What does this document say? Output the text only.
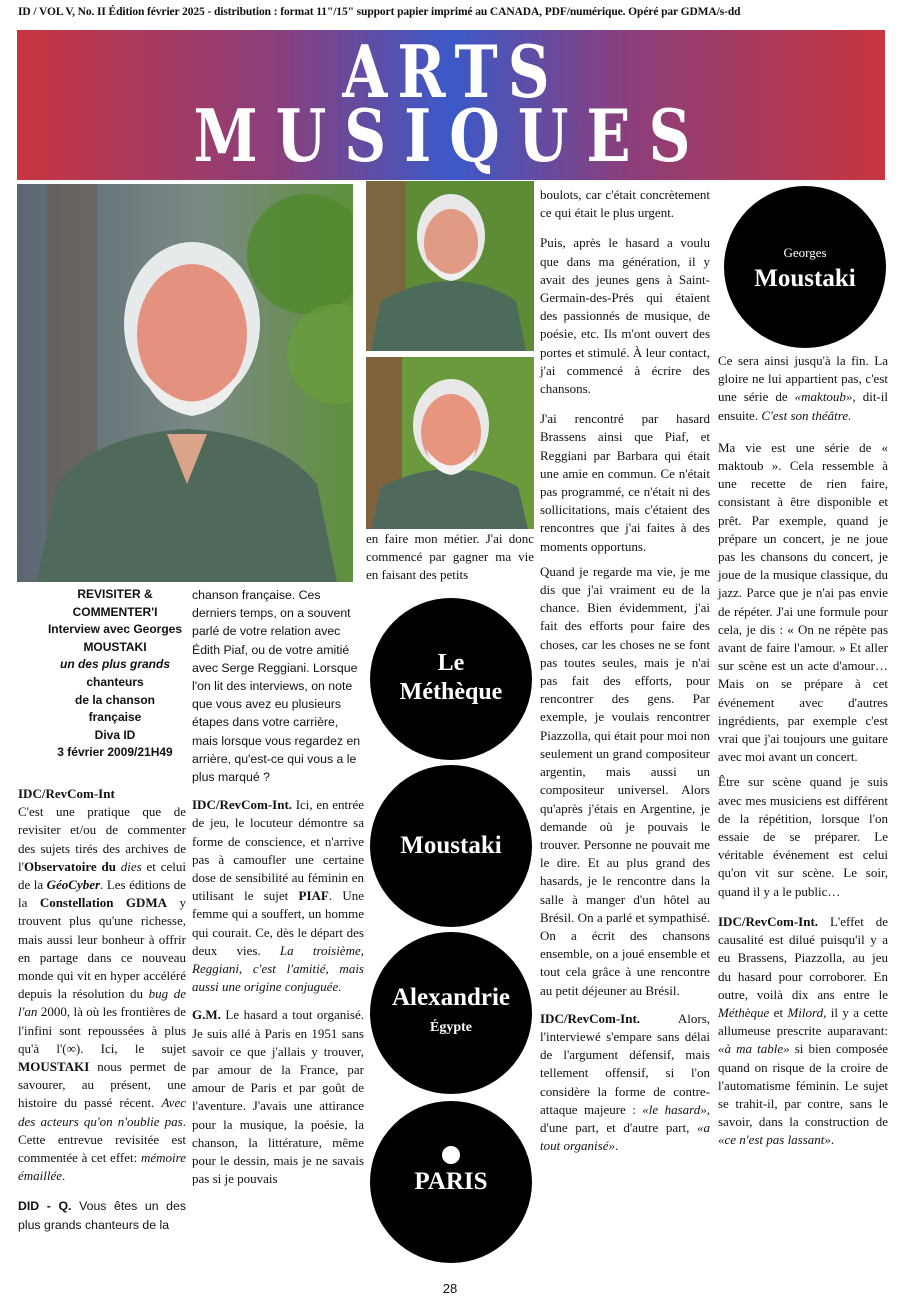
ID / VOL V, No. II Édition février 2025 - distribution : format 11"/15" support papier imprimé au CANADA, PDF/numérique. Opéré par GDMA/s-dd
ARTS
MUSIQUES
REVISITER &
COMMENTER'I
Interview avec Georges
MOUSTAKI
un des plus grands
chanteurs
de la chanson
française
Diva ID
3 février 2009/21H49

IDC/RevCom-Int
C'est une pratique que de revisiter et/ou de commenter des sujets tirés des archives de l'Observatoire du dies et celui de la GéoCyber. Les éditions de la Constellation GDMA y trouvent plus qu'une richesse, mais aussi leur bonheur à offrir en partage dans ce nouveau monde qui vit en hyper accéléré depuis la résolution du bug de l'an 2000, là où les frontières de l'infini sont repoussées à plus qu'à l'(∞). Ici, le sujet MOUSTAKI nous permet de savourer, au présent, une histoire du passé récent. Avec des acteurs qu'on n'oublie pas. Cette entrevue revisitée est commentée à cet effet: mémoire émaillée.

DID - Q. Vous êtes un des plus grands chanteurs de la

chanson française. Ces derniers temps, on a souvent parlé de votre relation avec Édith Piaf, ou de votre amitié avec Serge Reggiani. Lorsque l'on lit des interviews, on note que vous avez eu plusieurs étapes dans votre carrière, mais lorsque vous regardez en arrière, qu'est-ce qui vous a le plus marqué ?

IDC/RevCom-Int. Ici, en entrée de jeu, le locuteur démontre sa forme de conscience, et n'arrive pas à camoufler une certaine dose de sensibilité au féminin en utilisant le sujet PIAF. Une femme qui a souffert, un homme qui courait. Ce, dès le départ des deux vies. La troisième, Reggiani, c'est l'amitié, mais aussi une origine conjuguée.

G.M. Le hasard a tout organisé. Je suis allé à Paris en 1951 sans savoir ce que j'allais y trouver, par amour de la France, par amour de Paris et par goût de l'aventure. J'avais une attirance pour la musique, la poésie, la chanson, la littérature, même pour le dessin, mais je ne savais pas si je pouvais

en faire mon métier. J'ai donc commencé par gagner ma vie en faisant des petits

Le
Méthèque
Moustaki
Alexandrie
Égypte
PARIS
Georges
Moustaki

boulots, car c'était concrètement ce qui était le plus urgent.

Puis, après le hasard a voulu que dans ma génération, il y avait des jeunes gens à Saint-Germain-des-Prés qui étaient des passionnés de musique, de poésie, etc. Ils m'ont ouvert des portes et stimulé. À leur contact, j'ai commencé à écrire des chansons.

J'ai rencontré par hasard Brassens ainsi que Piaf, et Reggiani par Barbara qui était une amie en commun. Ce n'était pas programmé, ce n'était ni des sollicitations, mais c'étaient des rencontres que j'ai faites à des moments opportuns.

Quand je regarde ma vie, je me dis que j'ai vraiment eu de la chance. Bien évidemment, j'ai fait des efforts pour faire des choses, car les choses ne se font pas toutes seules, mais je n'ai pas fait des efforts, pour rencontrer des gens. Par exemple, je voulais rencontrer Piazzolla, qui était pour moi non seulement un grand compositeur argentin, mais aussi un compositeur universel. Alors qu'après j'étais en Argentine, je demande où je pouvais le trouver. Personne ne pouvait me le dire. Et au plus grand des hasards, je le rencontre dans la salle à manger d'un hôtel au Brésil. On a parlé et sympathisé. On a écrit des chansons ensemble, on a joué ensemble et tout cela grâce à une rencontre au petit déjeuner au Brésil.

IDC/RevCom-Int. Alors, l'interviewé s'empare sans délai de l'argument défensif, mais tellement offensif, si l'on considère la forme de contre-attaque majeure : «le hasard», d'une part, et d'autre part, «a tout organisé».

Ce sera ainsi jusqu'à la fin. La gloire ne lui appartient pas, c'est une série de «maktoub», dit-il ensuite. C'est son théâtre.

Ma vie est une série de « maktoub ». Cela ressemble à une recette de rien faire, consistant à être disponible et prêt. Par exemple, quand je prépare un concert, je ne joue pas les chansons du concert, je joue de la musique classique, du jazz. Parce que je n'ai pas envie de répéter. J'ai une formule pour cela, je dis : « On ne répète pas avant de faire l'amour. » Et aller sur scène est un acte d'amour… Mais on se prépare à cet événement avec d'autres ingrédients, par exemple c'est vrai que j'ai toujours une guitare avec moi avant un concert.

Être sur scène quand je suis avec mes musiciens est différent de la répétition, lorsque l'on essaie de se préparer. Le véritable événement est celui qu'on vit sur scène. Le soir, quand il y a le public…

IDC/RevCom-Int. L'effet de causalité est dilué puisqu'il y a eu Brassens, Piazzolla, au jeu du hasard pour corroborer. En outre, voilà dix ans entre le Méthèque et Milord, il y a cette allumeuse prescrite auparavant: «à ma table» si bien composée quand on risque de la croire de l'automatisme féminin. Le sujet se trahit-il, par contre, sans le savoir, dans la construction de «ce n'est pas lassant».

28
